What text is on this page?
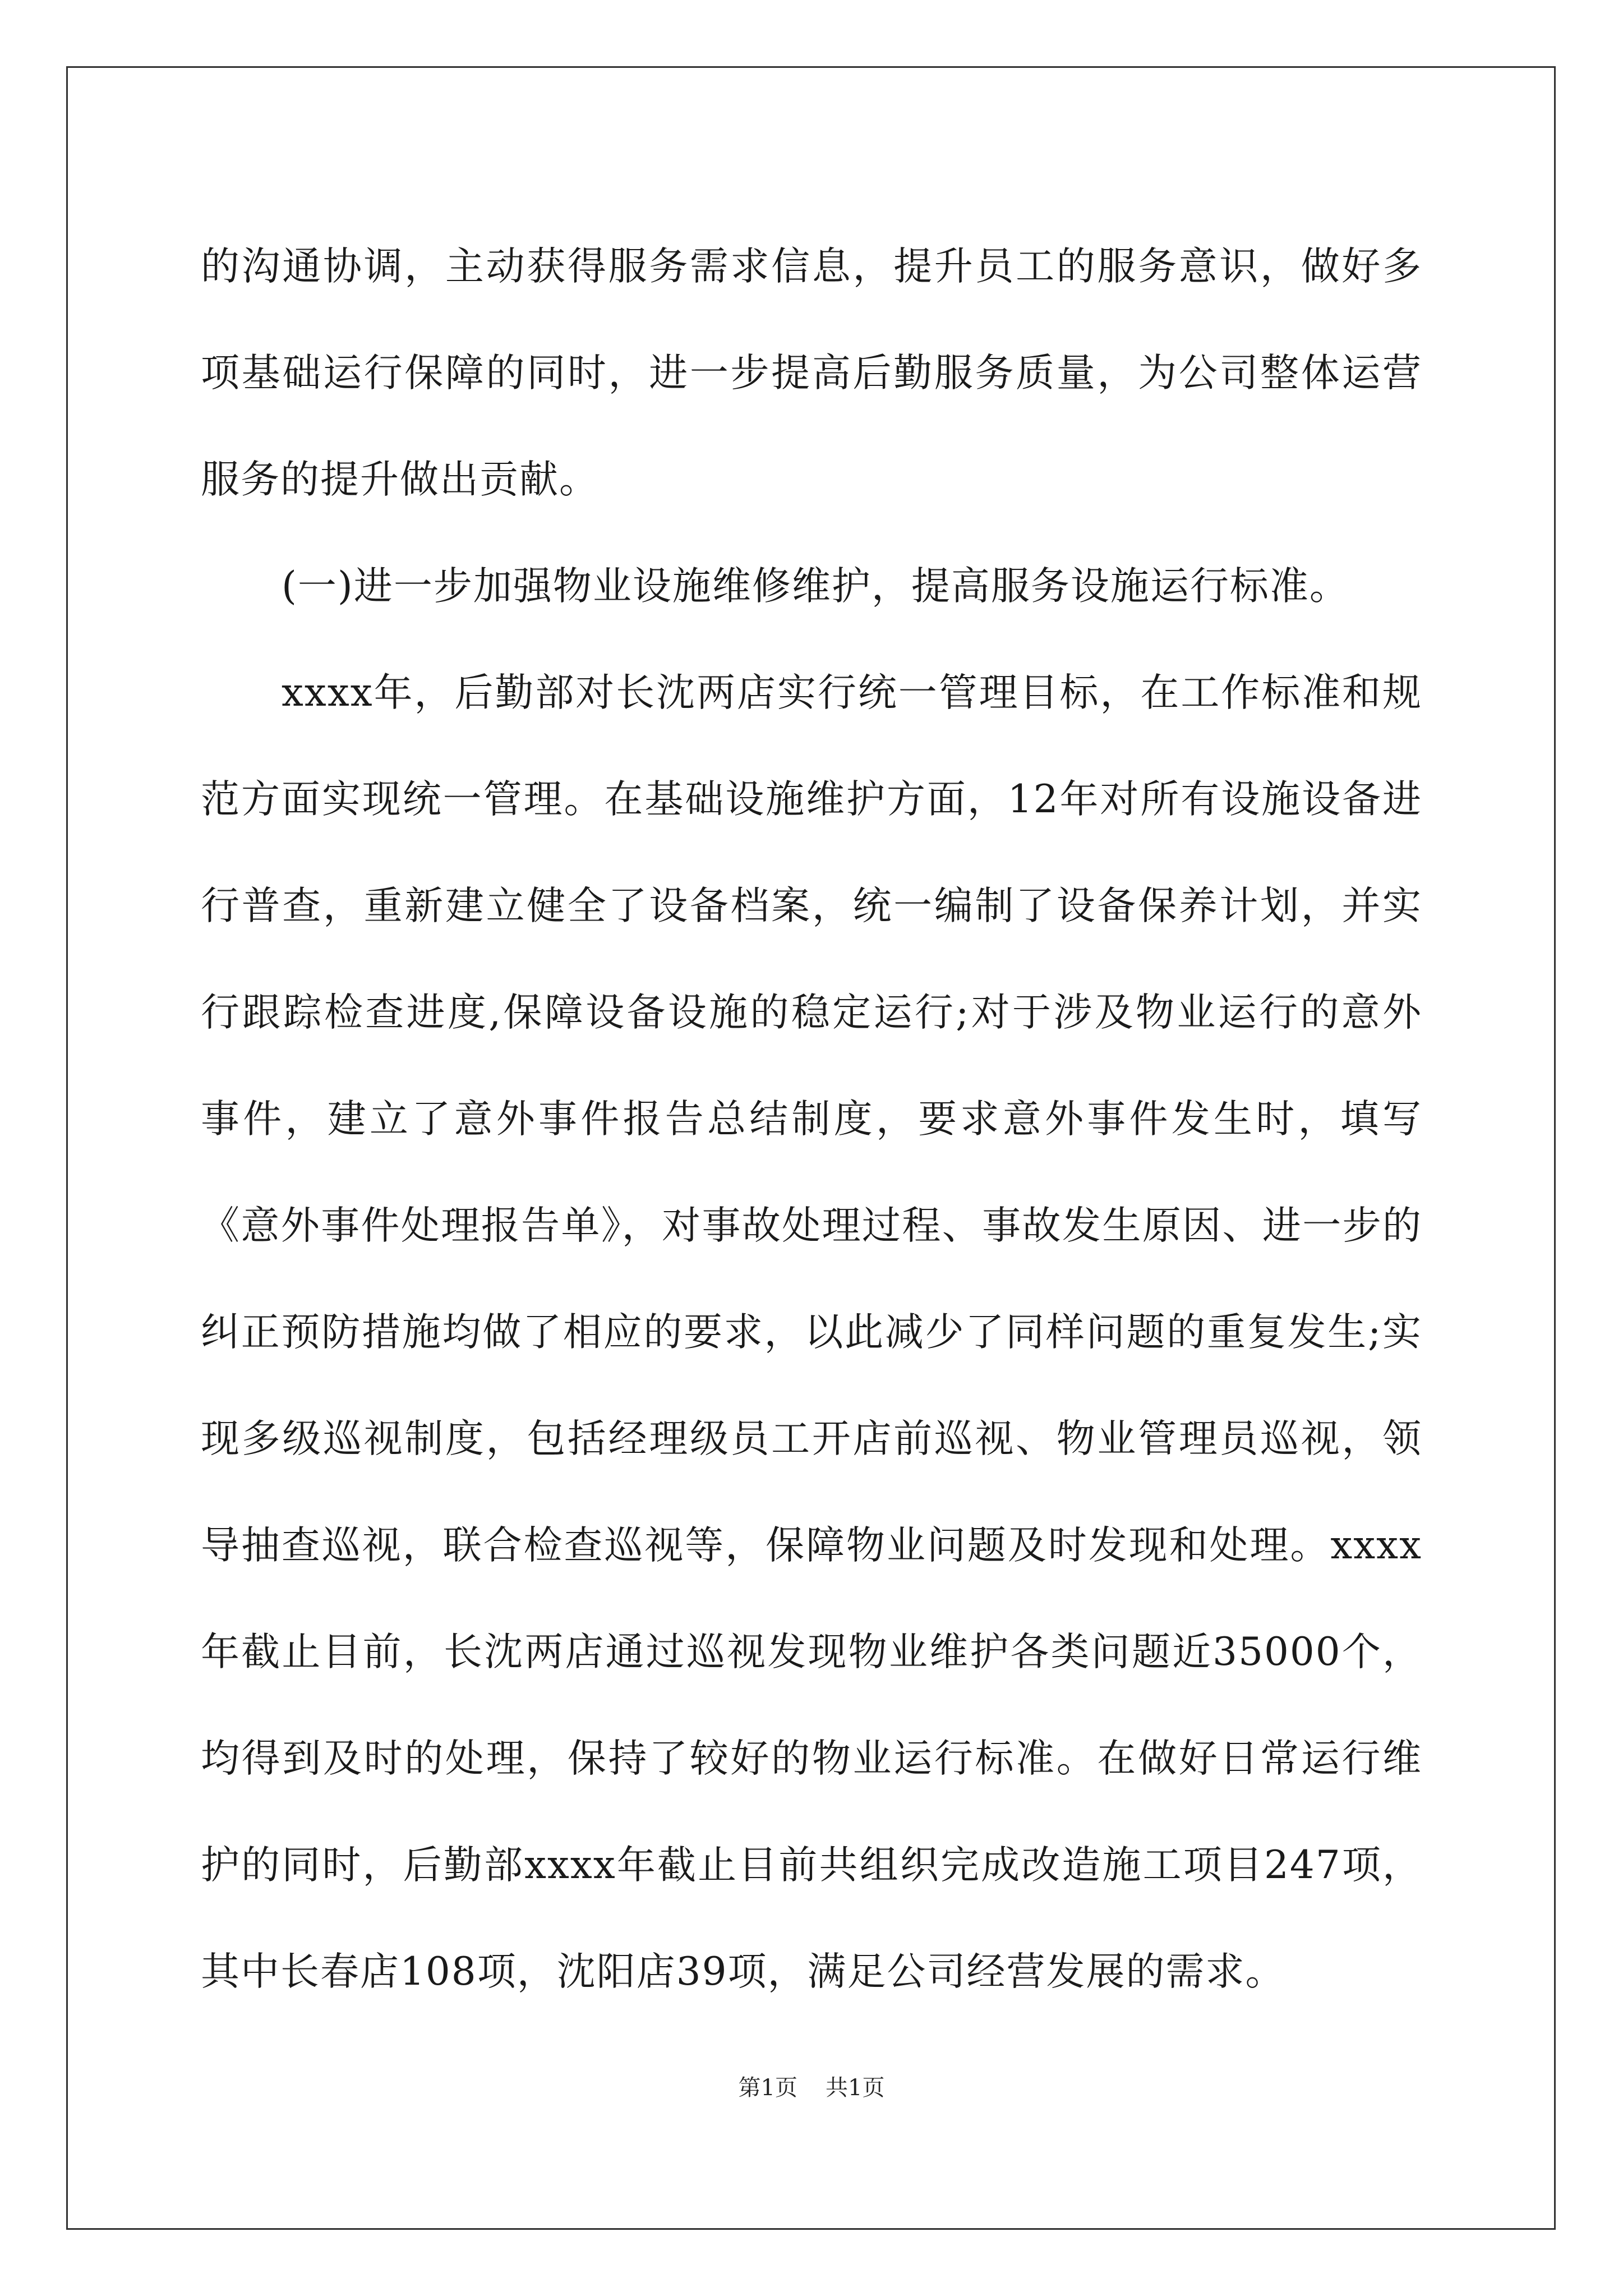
的沟通协调，主动获得服务需求信息，提升员工的服务意识，做好多项基础运行保障的同时，进一步提高后勤服务质量，为公司整体运营服务的提升做出贡献。

(一)进一步加强物业设施维修维护，提高服务设施运行标准。

xxxx年，后勤部对长沈两店实行统一管理目标，在工作标准和规范方面实现统一管理。在基础设施维护方面，12年对所有设施设备进行普查，重新建立健全了设备档案，统一编制了设备保养计划，并实行跟踪检查进度,保障设备设施的稳定运行;对于涉及物业运行的意外事件，建立了意外事件报告总结制度，要求意外事件发生时，填写《意外事件处理报告单》，对事故处理过程、事故发生原因、进一步的纠正预防措施均做了相应的要求，以此减少了同样问题的重复发生;实现多级巡视制度，包括经理级员工开店前巡视、物业管理员巡视，领导抽查巡视，联合检查巡视等，保障物业问题及时发现和处理。xxxx年截止目前，长沈两店通过巡视发现物业维护各类问题近35000个，均得到及时的处理，保持了较好的物业运行标准。在做好日常运行维护的同时，后勤部xxxx年截止目前共组织完成改造施工项目247项，其中长春店108项，沈阳店39项，满足公司经营发展的需求。

第1页 共1页
